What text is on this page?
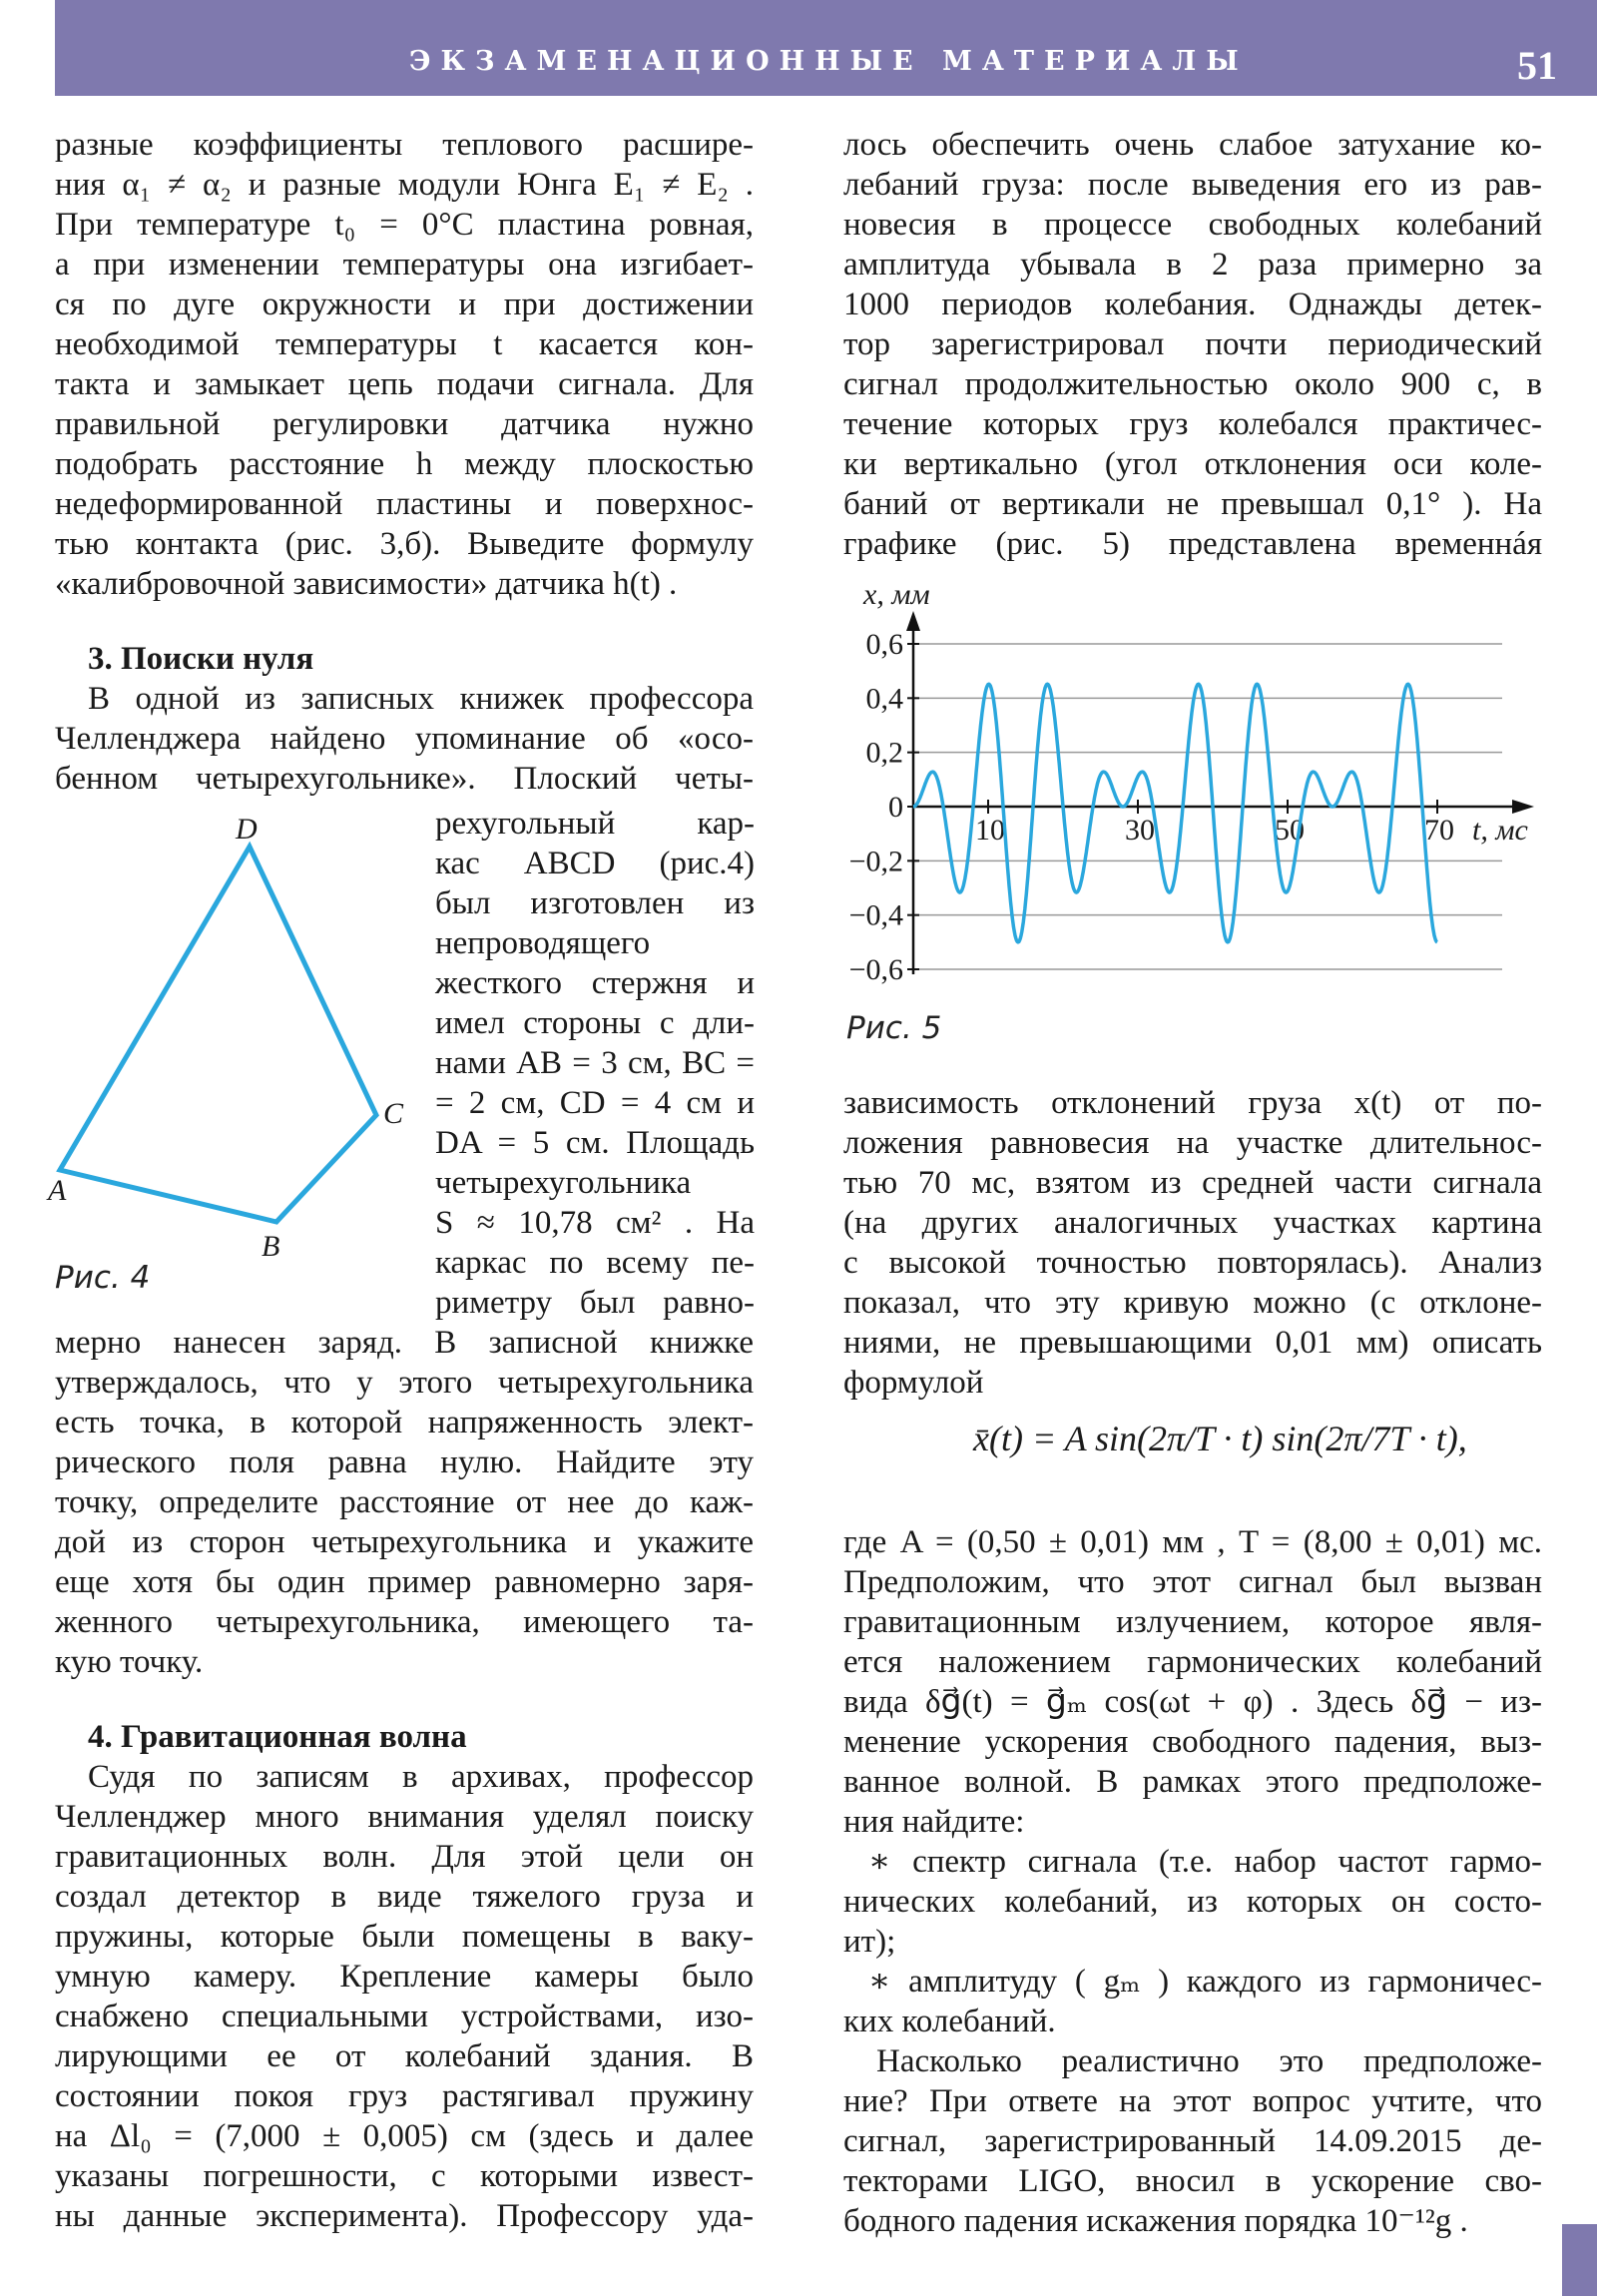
ЭКЗАМЕНАЦИОННЫЕ МАТЕРИАЛЫ	51
разные коэффициенты теплового расшире-
ния α₁ ≠ α₂ и разные модули Юнга E₁ ≠ E₂ .
При температуре t₀ = 0°C пластина ровная,
а при изменении температуры она изгибает-
ся по дуге окружности и при достижении
необходимой температуры t касается кон-
такта и замыкает цепь подачи сигнала. Для
правильной регулировки датчика нужно
подобрать расстояние h между плоскостью
недеформированной пластины и поверхнос-
тью контакта (рис. 3,б). Выведите формулу
«калибровочной зависимости» датчика h(t) .

3. Поиски нуля

В одной из записных книжек профессора
Челленджера найдено упоминание об «осо-
бенном четырехугольнике». Плоский четы-
D
A
B
C
Рис. 4
рехугольный кар-
кас ABCD (рис.4)
был изготовлен из
непроводящего
жесткого стержня и
имел стороны с дли-
нами AB = 3 см, BC =
= 2 см, CD = 4 см и
DA = 5 см. Площадь
четырехугольника
S ≈ 10,78 см² . На
каркас по всему пе-
риметру был равно-
мерно нанесен заряд. В записной книжке
утверждалось, что у этого четырехугольника
есть точка, в которой напряженность элект-
рического поля равна нулю. Найдите эту
точку, определите расстояние от нее до каж-
дой из сторон четырехугольника и укажите
еще хотя бы один пример равномерно заря-
женного четырехугольника, имеющего та-
кую точку.

4. Гравитационная волна

Судя по записям в архивах, профессор
Челленджер много внимания уделял поиску
гравитационных волн. Для этой цели он
создал детектор в виде тяжелого груза и
пружины, которые были помещены в ваку-
умную камеру. Крепление камеры было
снабжено специальными устройствами, изо-
лирующими ее от колебаний здания. В
состоянии покоя груз растягивал пружину
на Δl₀ = (7,000 ± 0,005) см (здесь и далее
указаны погрешности, с которыми извест-
ны данные эксперимента). Профессору уда-
лось обеспечить очень слабое затухание ко-
лебаний груза: после выведения его из рав-
новесия в процессе свободных колебаний
амплитуда убывала в 2 раза примерно за
1000 периодов колебания. Однажды детек-
тор зарегистрировал почти периодический
сигнал продолжительностью около 900 с, в
течение которых груз колебался практичес-
ки вертикально (угол отклонения оси коле-
баний от вертикали не превышал 0,1° ). На
графике (рис. 5) представлена временнáя
0,6
0,4
0,2
0
−0,2
−0,4
−0,6
10	30	50	70
x, мм
t, мс
Рис. 5
зависимость отклонений груза x(t) от по-
ложения равновесия на участке длительнос-
тью 70 мс, взятом из средней части сигнала
(на других аналогичных участках картина
с высокой точностью повторялась). Анализ
показал, что эту кривую можно (с отклоне-
ниями, не превышающими 0,01 мм) описать
формулой
x̄(t) = A sin(2π/T · t) sin(2π/7T · t),
где A = (0,50 ± 0,01) мм , T = (8,00 ± 0,01) мс.
Предположим, что этот сигнал был вызван
гравитационным излучением, которое явля-
ется наложением гармонических колебаний
вида δg⃗(t) = g⃗ₘ cos(ωt + φ) . Здесь δg⃗ − из-
менение ускорения свободного падения, выз-
ванное волной. В рамках этого предположе-
ния найдите:
∗ спектр сигнала (т.е. набор частот гармо-
нических колебаний, из которых он состо-
ит);
∗ амплитуду ( gₘ ) каждого из гармоничес-
ких колебаний.
Насколько реалистично это предположе-
ние? При ответе на этот вопрос учтите, что
сигнал, зарегистрированный 14.09.2015 де-
текторами LIGO, вносил в ускорение сво-
бодного падения искажения порядка 10⁻¹²g .
